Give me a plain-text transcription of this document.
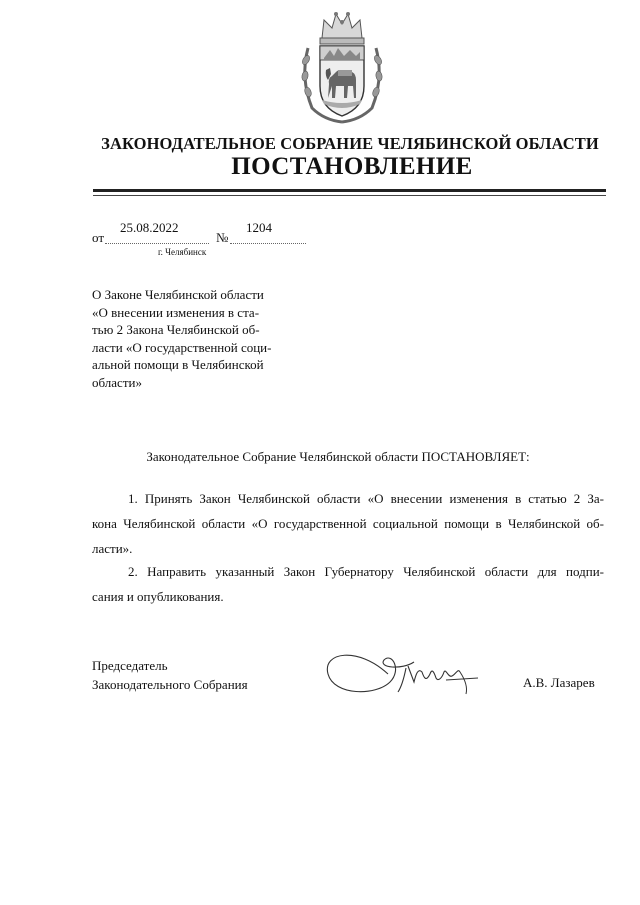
ЗАКОНОДАТЕЛЬНОЕ СОБРАНИЕ ЧЕЛЯБИНСКОЙ ОБЛАСТИ
ПОСТАНОВЛЕНИЕ
от
25.08.2022
№
1204
г. Челябинск
О Законе Челябинской области
«О внесении изменения в ста-
тью 2 Закона Челябинской об-
ласти «О государственной соци-
альной помощи в Челябинской
области»
Законодательное Собрание Челябинской области ПОСТАНОВЛЯЕТ:
1. Принять Закон Челябинской области «О внесении изменения в статью 2 За-
кона Челябинской области «О государственной социальной помощи в Челябинской об-
ласти».
2. Направить указанный Закон Губернатору Челябинской области для подпи-
сания и опубликования.
Председатель
Законодательного Собрания	А.В. Лазарев
